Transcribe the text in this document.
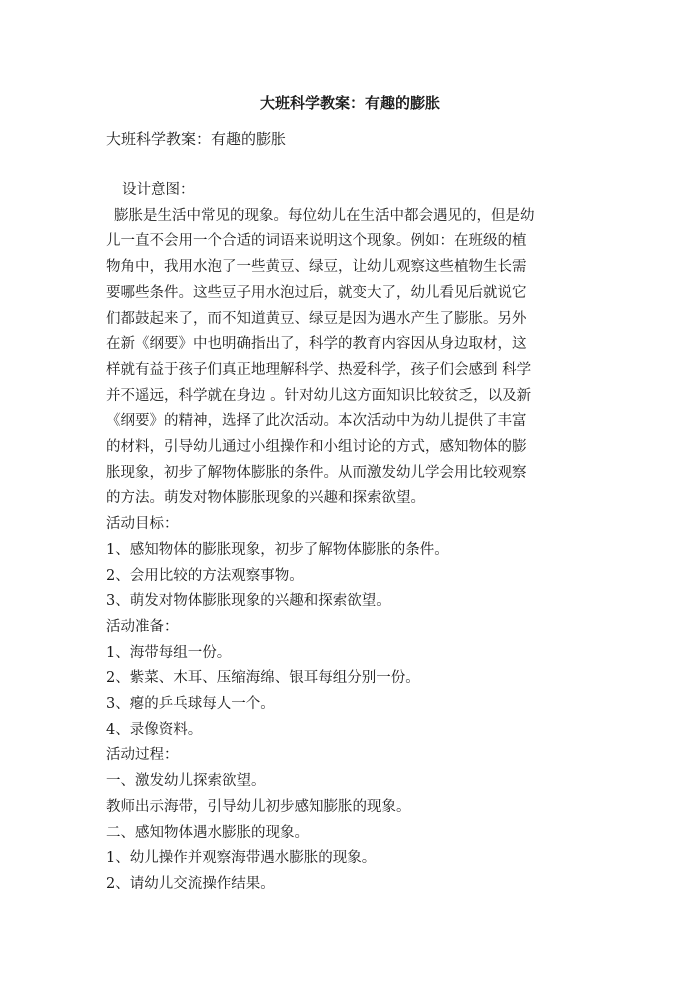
大班科学教案：有趣的膨胀
大班科学教案：有趣的膨胀
设计意图：
膨胀是生活中常见的现象。每位幼儿在生活中都会遇见的，但是幼
儿一直不会用一个合适的词语来说明这个现象。例如：在班级的植
物角中，我用水泡了一些黄豆、绿豆，让幼儿观察这些植物生长需
要哪些条件。这些豆子用水泡过后，就变大了，幼儿看见后就说它
们都鼓起来了，而不知道黄豆、绿豆是因为遇水产生了膨胀。另外
在新《纲要》中也明确指出了，科学的教育内容因从身边取材，这
样就有益于孩子们真正地理解科学、热爱科学，孩子们会感到 科学
并不遥远，科学就在身边 。针对幼儿这方面知识比较贫乏，以及新
《纲要》的精神，选择了此次活动。本次活动中为幼儿提供了丰富
的材料，引导幼儿通过小组操作和小组讨论的方式，感知物体的膨
胀现象，初步了解物体膨胀的条件。从而激发幼儿学会用比较观察
的方法。萌发对物体膨胀现象的兴趣和探索欲望。
活动目标：
1、感知物体的膨胀现象，初步了解物体膨胀的条件。
2、会用比较的方法观察事物。
3、萌发对物体膨胀现象的兴趣和探索欲望。
活动准备：
1、海带每组一份。
2、紫菜、木耳、压缩海绵、银耳每组分别一份。
3、瘪的乒乓球每人一个。
4、录像资料。
活动过程：
一、激发幼儿探索欲望。
教师出示海带，引导幼儿初步感知膨胀的现象。
二、感知物体遇水膨胀的现象。
1、幼儿操作并观察海带遇水膨胀的现象。
2、请幼儿交流操作结果。
